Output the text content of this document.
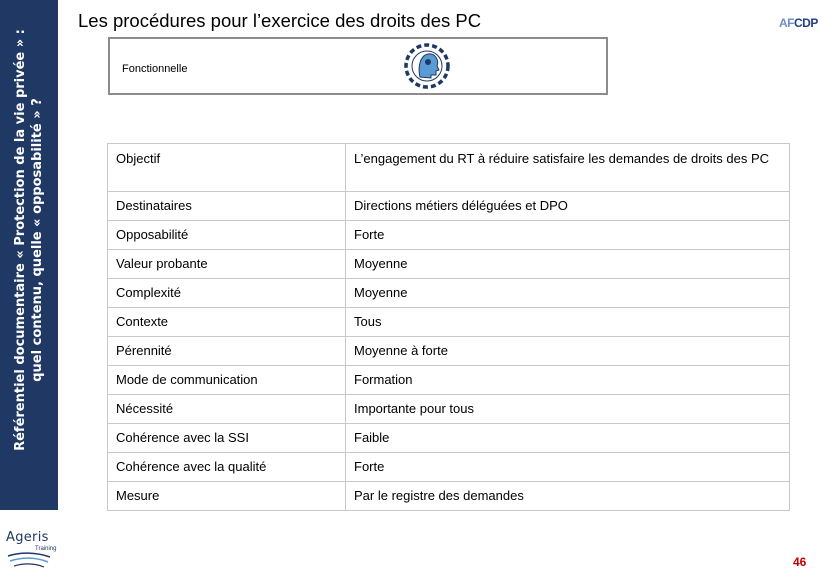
Référentiel documentaire « Protection de la vie privée » : quel contenu, quelle « opposabilité » ?
Les procédures pour l’exercice des droits des PC	AFCDP
Fonctionnelle
Objectif	L’engagement du RT à réduire satisfaire les demandes de droits des PC
Destinataires	Directions métiers déléguées et DPO
Opposabilité	Forte
Valeur probante	Moyenne
Complexité	Moyenne
Contexte	Tous
Pérennité	Moyenne à forte
Mode de communication	Formation
Nécessité	Importante pour tous
Cohérence avec la SSI	Faible
Cohérence avec la qualité	Forte
Mesure	Par le registre des demandes
Ageris
Training
46
